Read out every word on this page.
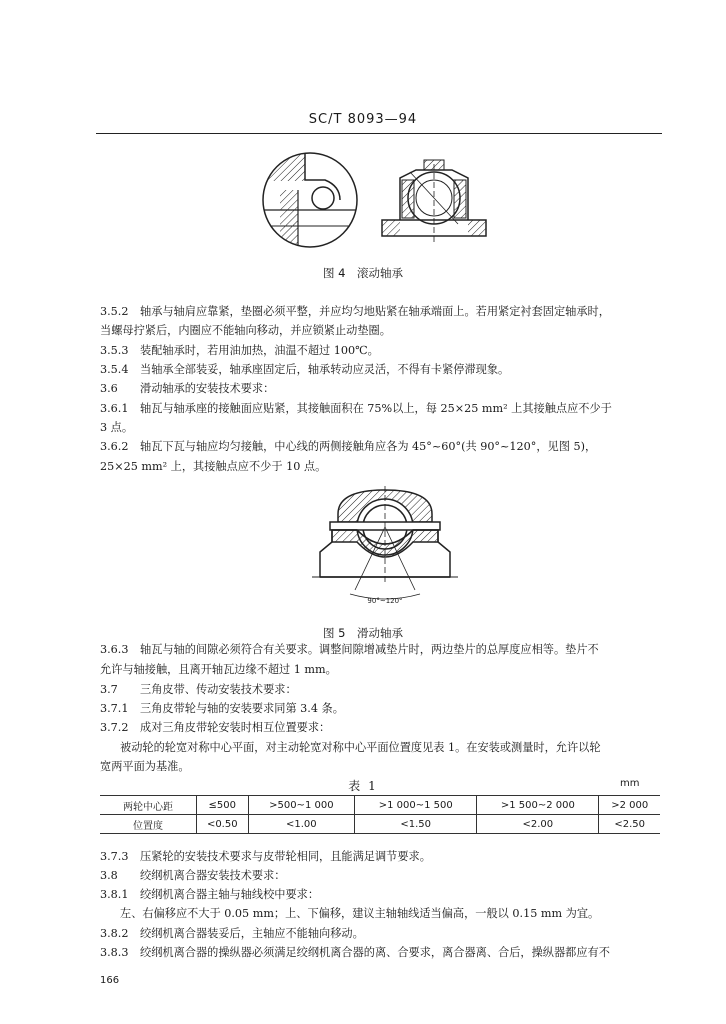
SC/T 8093—94
图 4　滚动轴承
3.5.2 轴承与轴肩应靠紧，垫圈必须平整，并应均匀地贴紧在轴承端面上。若用紧定衬套固定轴承时，
当螺母拧紧后，内圈应不能轴向移动，并应锁紧止动垫圈。
3.5.3 装配轴承时，若用油加热，油温不超过 100℃。
3.5.4 当轴承全部装妥，轴承座固定后，轴承转动应灵活，不得有卡紧停滞现象。
3.6 滑动轴承的安装技术要求：
3.6.1 轴瓦与轴承座的接触面应贴紧，其接触面积在 75%以上，每 25×25 mm² 上其接触点应不少于
3 点。
3.6.2 轴瓦下瓦与轴应均匀接触，中心线的两侧接触角应各为 45°~60°(共 90°~120°，见图 5)，
25×25 mm² 上，其接触点应不少于 10 点。
90°~120°
图 5　滑动轴承
3.6.3 轴瓦与轴的间隙必须符合有关要求。调整间隙增减垫片时，两边垫片的总厚度应相等。垫片不
允许与轴接触，且离开轴瓦边缘不超过 1 mm。
3.7 三角皮带、传动安装技术要求：
3.7.1 三角皮带轮与轴的安装要求同第 3.4 条。
3.7.2 成对三角皮带轮安装时相互位置要求：
被动轮的轮宽对称中心平面，对主动轮宽对称中心平面位置度见表 1。在安装或测量时，允许以轮
宽两平面为基准。
表 1	mm
两轮中心距	≤500	>500~1 000	>1 000~1 500	>1 500~2 000	>2 000
位置度	<0.50	<1.00	<1.50	<2.00	<2.50
3.7.3 压紧轮的安装技术要求与皮带轮相同，且能满足调节要求。
3.8 绞纲机离合器安装技术要求：
3.8.1 绞纲机离合器主轴与轴线校中要求：
左、右偏移应不大于 0.05 mm；上、下偏移，建议主轴轴线适当偏高，一般以 0.15 mm 为宜。
3.8.2 绞纲机离合器装妥后，主轴应不能轴向移动。
3.8.3 绞纲机离合器的操纵器必须满足绞纲机离合器的离、合要求，离合器离、合后，操纵器都应有不
166
